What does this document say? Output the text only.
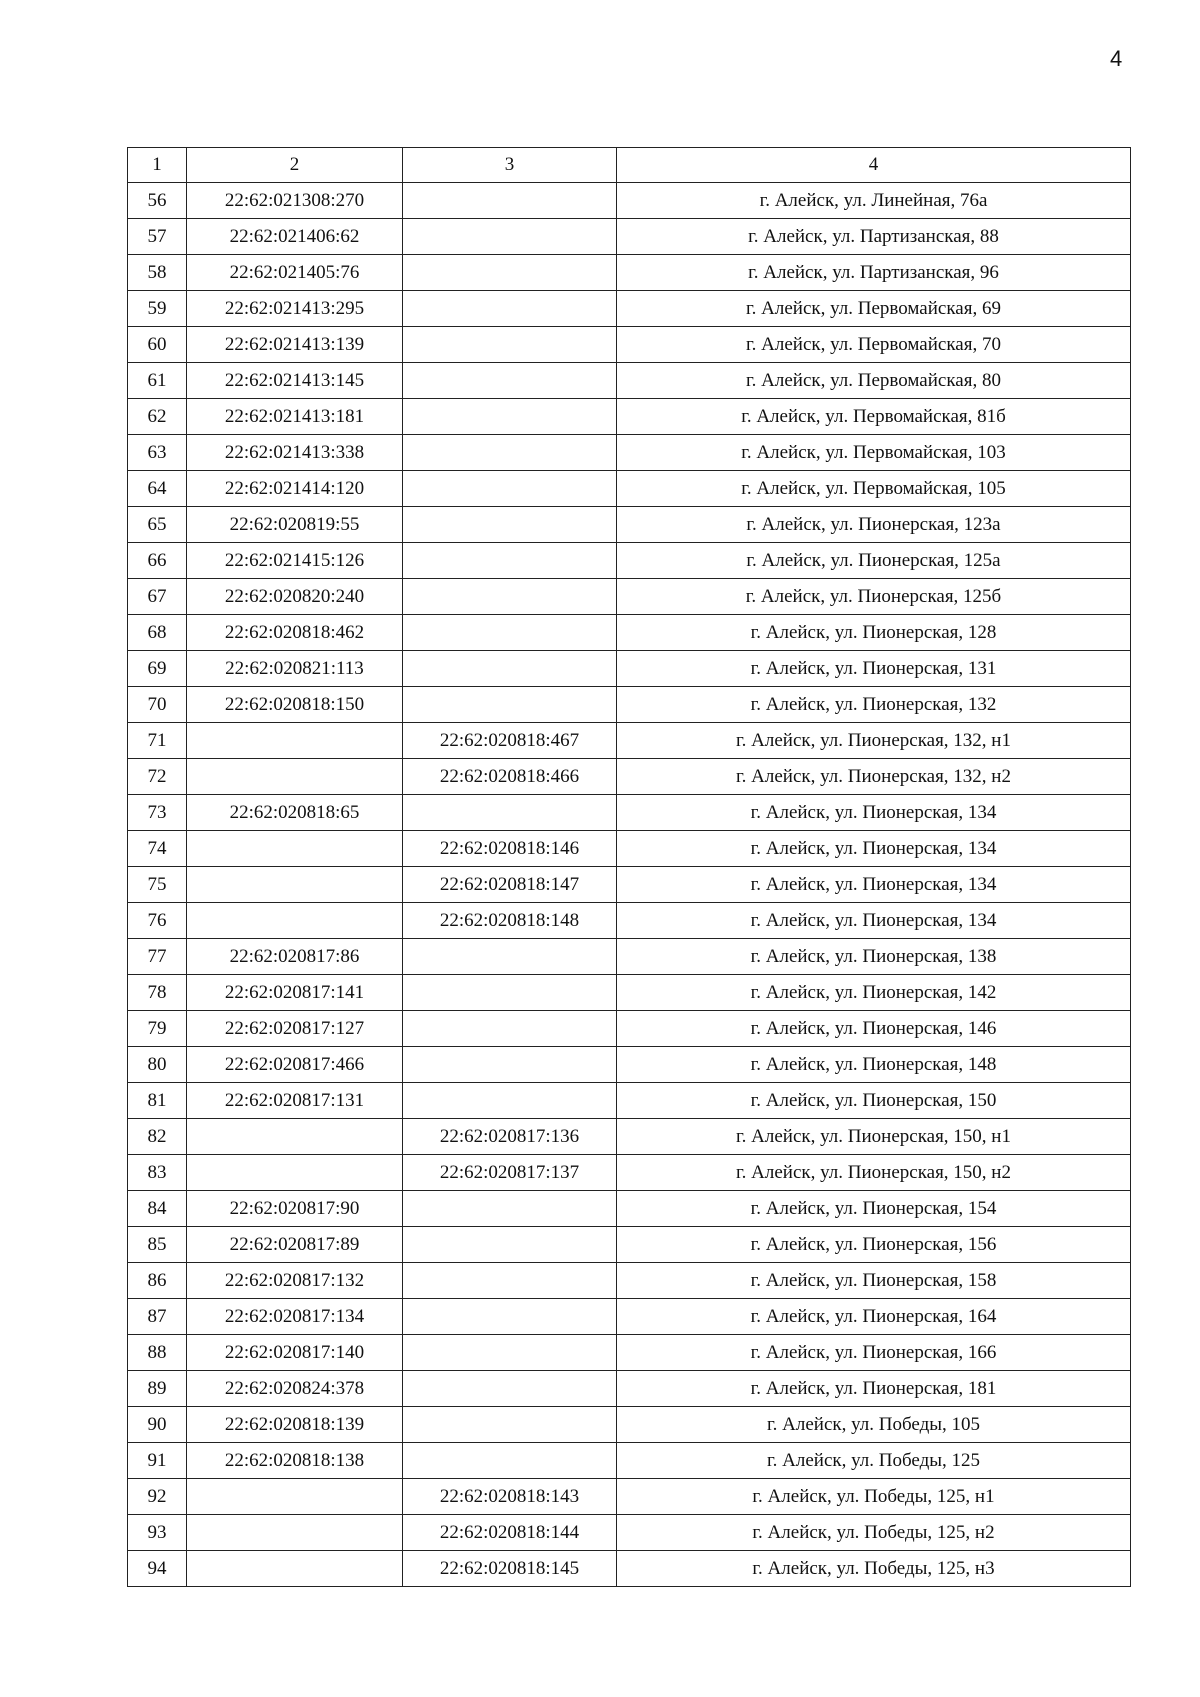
4
1	2	3	4
56	22:62:021308:270		г. Алейск, ул. Линейная, 76а
57	22:62:021406:62		г. Алейск, ул. Партизанская, 88
58	22:62:021405:76		г. Алейск, ул. Партизанская, 96
59	22:62:021413:295		г. Алейск, ул. Первомайская, 69
60	22:62:021413:139		г. Алейск, ул. Первомайская, 70
61	22:62:021413:145		г. Алейск, ул. Первомайская, 80
62	22:62:021413:181		г. Алейск, ул. Первомайская, 81б
63	22:62:021413:338		г. Алейск, ул. Первомайская, 103
64	22:62:021414:120		г. Алейск, ул. Первомайская, 105
65	22:62:020819:55		г. Алейск, ул. Пионерская, 123а
66	22:62:021415:126		г. Алейск, ул. Пионерская, 125а
67	22:62:020820:240		г. Алейск, ул. Пионерская, 125б
68	22:62:020818:462		г. Алейск, ул. Пионерская, 128
69	22:62:020821:113		г. Алейск, ул. Пионерская, 131
70	22:62:020818:150		г. Алейск, ул. Пионерская, 132
71		22:62:020818:467	г. Алейск, ул. Пионерская, 132, н1
72		22:62:020818:466	г. Алейск, ул. Пионерская, 132, н2
73	22:62:020818:65		г. Алейск, ул. Пионерская, 134
74		22:62:020818:146	г. Алейск, ул. Пионерская, 134
75		22:62:020818:147	г. Алейск, ул. Пионерская, 134
76		22:62:020818:148	г. Алейск, ул. Пионерская, 134
77	22:62:020817:86		г. Алейск, ул. Пионерская, 138
78	22:62:020817:141		г. Алейск, ул. Пионерская, 142
79	22:62:020817:127		г. Алейск, ул. Пионерская, 146
80	22:62:020817:466		г. Алейск, ул. Пионерская, 148
81	22:62:020817:131		г. Алейск, ул. Пионерская, 150
82		22:62:020817:136	г. Алейск, ул. Пионерская, 150, н1
83		22:62:020817:137	г. Алейск, ул. Пионерская, 150, н2
84	22:62:020817:90		г. Алейск, ул. Пионерская, 154
85	22:62:020817:89		г. Алейск, ул. Пионерская, 156
86	22:62:020817:132		г. Алейск, ул. Пионерская, 158
87	22:62:020817:134		г. Алейск, ул. Пионерская, 164
88	22:62:020817:140		г. Алейск, ул. Пионерская, 166
89	22:62:020824:378		г. Алейск, ул. Пионерская, 181
90	22:62:020818:139		г. Алейск, ул. Победы, 105
91	22:62:020818:138		г. Алейск, ул. Победы, 125
92		22:62:020818:143	г. Алейск, ул. Победы, 125, н1
93		22:62:020818:144	г. Алейск, ул. Победы, 125, н2
94		22:62:020818:145	г. Алейск, ул. Победы, 125, н3
